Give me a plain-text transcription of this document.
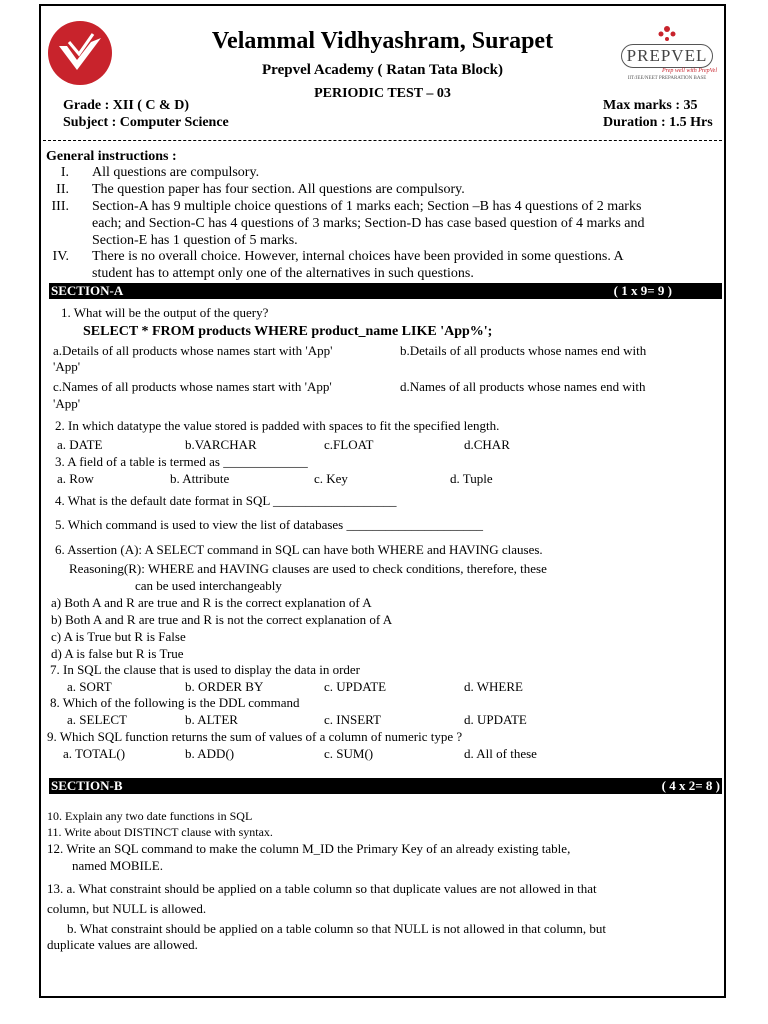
PREPVEL
Prep well with PrepVel
IIT/JEE/NEET PREPARATION BASE
Velammal Vidhyashram, Surapet
Prepvel Academy ( Ratan Tata Block)
PERIODIC TEST – 03
Grade : XII ( C & D)
Subject : Computer Science
Max marks : 35
Duration : 1.5 Hrs
General instructions :
I. All questions are compulsory.
II. The question paper has four section. All questions are compulsory.
III. Section-A has 9 multiple choice questions of 1 marks each; Section –B has 4 questions of 2 marks
each; and Section-C has 4 questions of 3 marks; Section-D has case based question of 4 marks and
Section-E has 1 question of 5 marks.
IV. There is no overall choice. However, internal choices have been provided in some questions. A
student has to attempt only one of the alternatives in such questions.
SECTION-A	( 1 x 9= 9 )
1. What will be the output of the query?
SELECT * FROM products WHERE product_name LIKE 'App%';
a.Details of all products whose names start with 'App'	b.Details of all products whose names end with
'App'
c.Names of all products whose names start with 'App'	d.Names of all products whose names end with
'App'
2. In which datatype the value stored is padded with spaces to fit the specified length.
a. DATE	b.VARCHAR	c.FLOAT	d.CHAR
3. A field of a table is termed as _____________
a. Row	b. Attribute	c. Key	d. Tuple
4. What is the default date format in SQL ___________________
5. Which command is used to view the list of databases _____________________
6. Assertion (A): A SELECT command in SQL can have both WHERE and HAVING clauses.
Reasoning(R): WHERE and HAVING clauses are used to check conditions, therefore, these
can be used interchangeably
a) Both A and R are true and R is the correct explanation of A
b) Both A and R are true and R is not the correct explanation of A
c) A is True but R is False
d) A is false but R is True
7. In SQL the clause that is used to display the data in order
a. SORT	b. ORDER BY	c. UPDATE	d. WHERE
8. Which of the following is the DDL command
a. SELECT	b. ALTER	c. INSERT	d. UPDATE
9. Which SQL function returns the sum of values of a column of numeric type ?
a. TOTAL()	b. ADD()	c. SUM()	d. All of these
SECTION-B	( 4 x 2= 8 )
10. Explain any two date functions in SQL
11. Write about DISTINCT clause with syntax.
12. Write an SQL command to make the column M_ID the Primary Key of an already existing table,
named MOBILE.
13. a. What constraint should be applied on a table column so that duplicate values are not allowed in that
column, but NULL is allowed.
b. What constraint should be applied on a table column so that NULL is not allowed in that column, but
duplicate values are allowed.
